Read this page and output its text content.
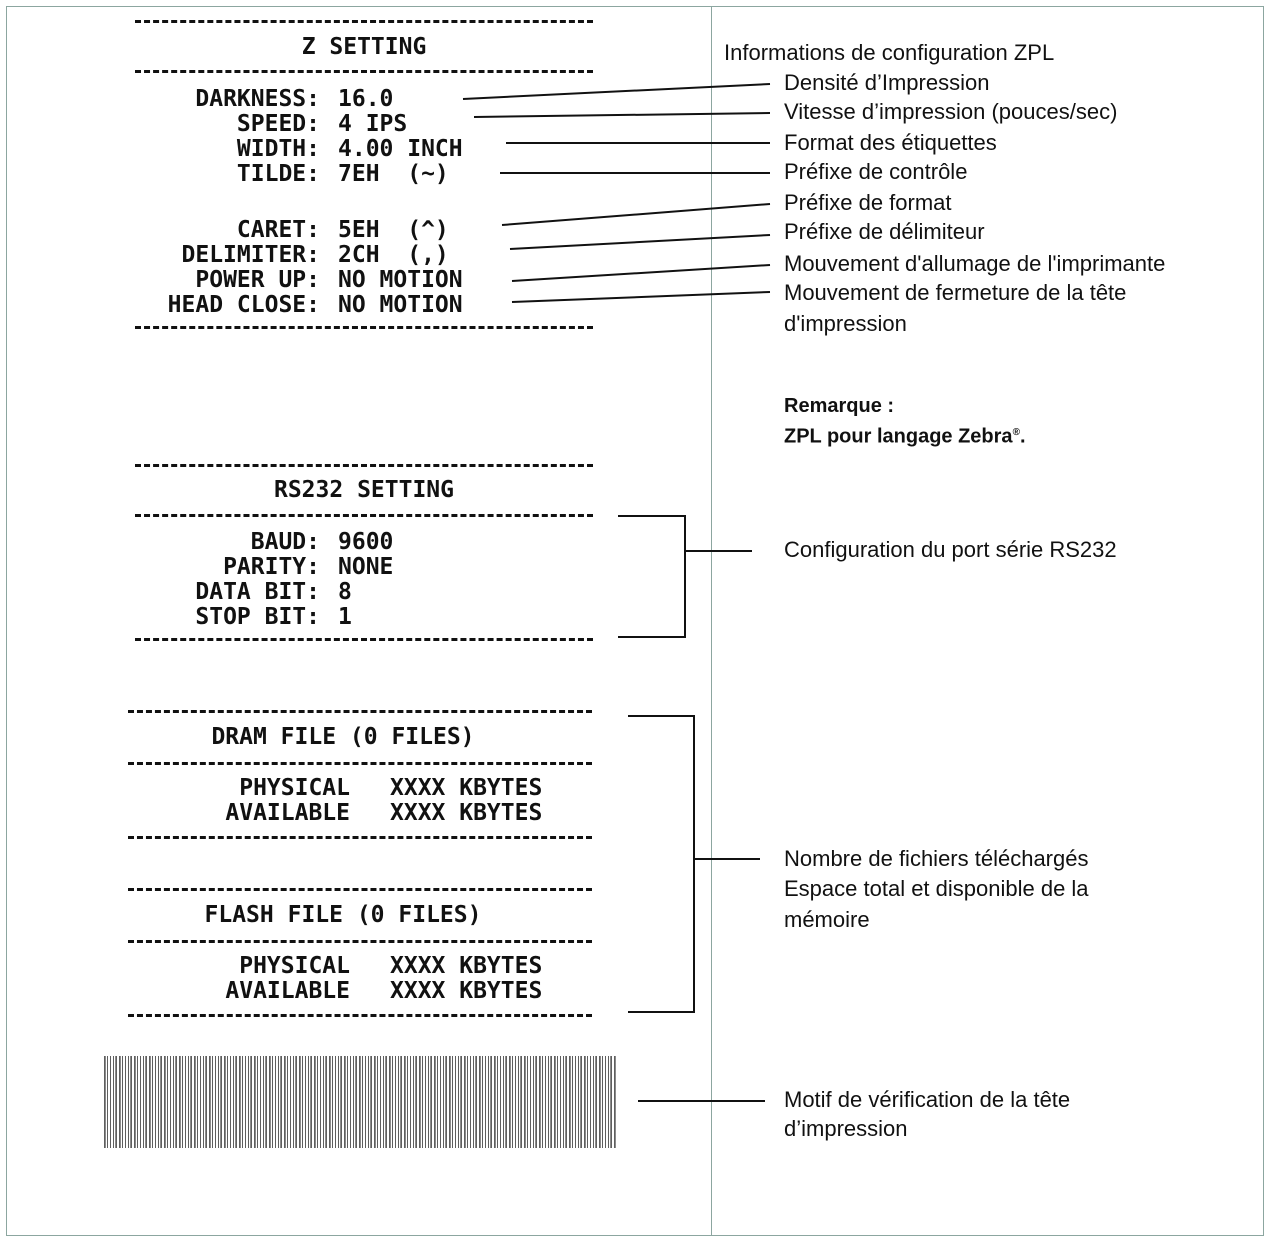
Z SETTING
DARKNESS: 16.0
SPEED: 4 IPS
WIDTH: 4.00 INCH
TILDE: 7EH  (~)
CARET: 5EH  (^)
DELIMITER: 2CH  (,)
POWER UP: NO MOTION
HEAD CLOSE: NO MOTION
RS232 SETTING
BAUD: 9600
PARITY: NONE
DATA BIT: 8
STOP BIT: 1
DRAM FILE (0 FILES)
PHYSICAL XXXX KBYTES
AVAILABLE XXXX KBYTES
FLASH FILE (0 FILES)
PHYSICAL XXXX KBYTES
AVAILABLE XXXX KBYTES
Informations de configuration ZPL
Densité d’Impression
Vitesse d’impression (pouces/sec)
Format des étiquettes
Préfixe de contrôle
Préfixe de format
Préfixe de délimiteur
Mouvement d'allumage de l'imprimante
Mouvement de fermeture de la tête
d'impression
Remarque :
ZPL pour langage Zebra®.
Configuration du port série RS232
Nombre de fichiers téléchargés
Espace total et disponible de la
mémoire
Motif de vérification de la tête
d’impression
